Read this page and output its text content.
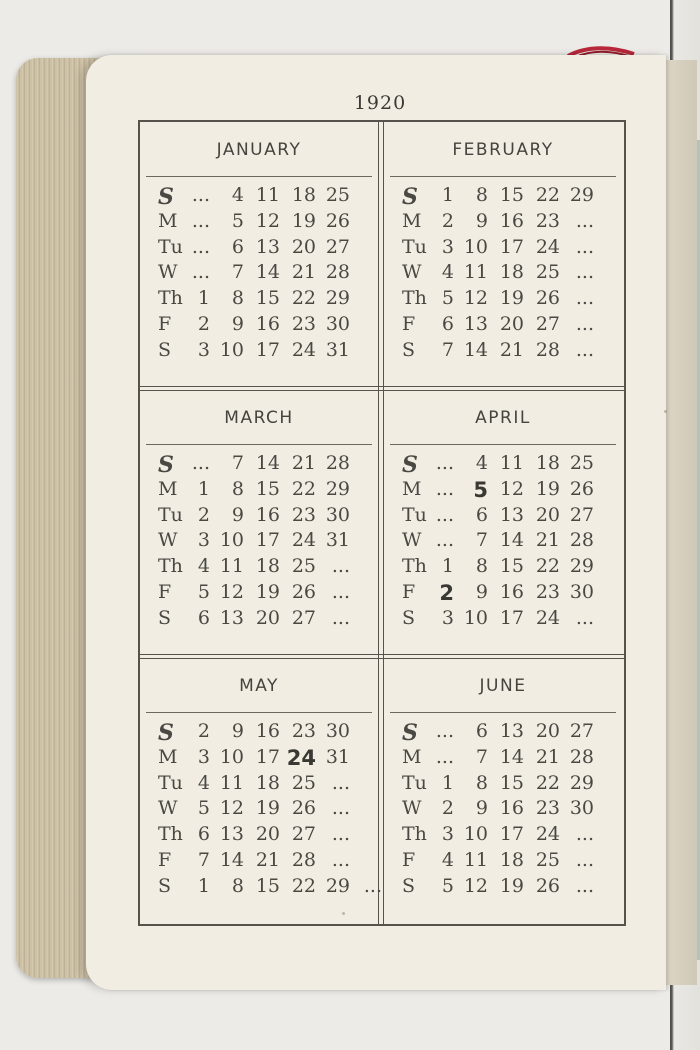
1920
JANUARY
S ...	4 11 18 25
M ...	5 12 19 26
Tu ...	6 13 20 27
W ...	7 14 21 28
Th 1	8 15 22 29
F	2	9 16 23 30
S	3 10 17 24 31
FEBRUARY
S	1	8 15 22 29
M	2	9 16 23 ...
Tu 3 10 17 24 ...
W	4 11 18 25 ...
Th 5 12 19 26 ...
F	6 13 20 27 ...
S	7 14 21 28 ...
MARCH
S ...	7 14 21 28
M	1	8 15 22 29
Tu 2	9 16 23 30
W	3 10 17 24 31
Th 4 11 18 25 ...
F	5 12 19 26 ...
S	6 13 20 27 ...
APRIL
S ...	4 11 18 25
M ... 5 12 19 26
Tu ...	6 13 20 27
W ...	7 14 21 28
Th 1	8 15 22 29
F	2	9 16 23 30
S	3 10 17 24 ...
MAY
S	2	9 16 23 30
M	3 10 17 24 31
Tu 4 11 18 25 ...
W	5 12 19 26 ...
Th 6 13 20 27 ...
F	7 14 21 28 ...
S	1	8 15 22 29 ...
JUNE
S ...	6 13 20 27
M ...	7 14 21 28
Tu 1	8 15 22 29
W	2	9 16 23 30
Th 3 10 17 24 ...
F	4 11 18 25 ...
S	5 12 19 26 ...
